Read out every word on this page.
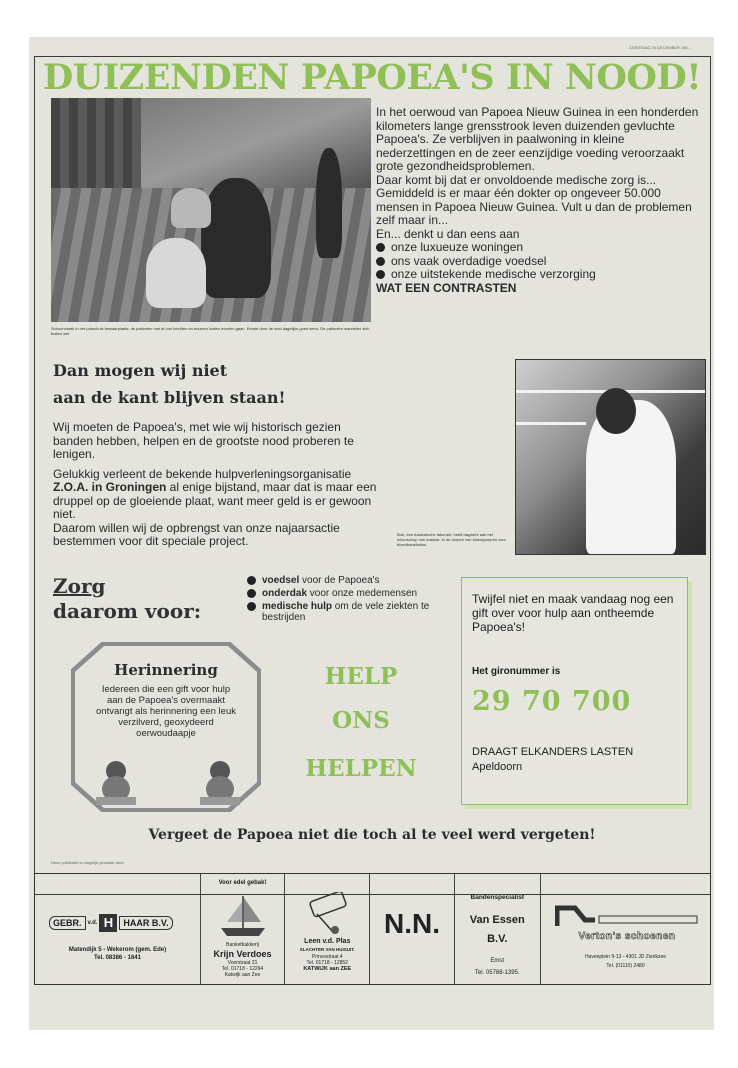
ZATERDAG 20 DECEMBER 198...
DUIZENDEN PAPOEA'S IN NOOD!
Schoonmaak in het palenhuis bewaarplaats: de pakketen met al hun bezitten en bouwen loaten moeten gaan. Eerste door de lood dagelijks goed werd. De patienten wandelen zich buiten wel.
In het oerwoud van Papoea Nieuw Guinea in een honderden kilometers lange grensstrook leven duizenden gevluchte Papoea's. Ze verblijven in paalwoning in kleine nederzettingen en de zeer eenzijdige voeding veroorzaakt grote gezondheidsproblemen.
Daar komt bij dat er onvoldoende medische zorg is...
Gemiddeld is er maar één dokter op ongeveer 50.000 mensen in Papoea Nieuw Guinea. Vult u dan de problemen zelf maar in...
En... denkt u dan eens aan
onze luxueuze woningen
ons vaak overdadige voedsel
onze uitstekende medische verzorging
WAT EEN CONTRASTEN
Dan mogen wij niet
aan de kant blijven staan!
Wij moeten de Papoea's, met wie wij historisch gezien banden hebben, helpen en de grootste nood proberen te lenigen.
Gelukkig verleent de bekende hulpverleningsorganisatie Z.O.A. in Groningen al enige bijstand, maar dat is maar een druppel op de gloeiende plaat, want meer geld is er gewoon niet.
Daarom willen wij de opbrengst van onze najaarsactie bestemmen voor dit speciale project.	Bob, een Australische laborant, heeft dagwerk aan het microscoop van malaria. In de dorpen van bloedgroepen voor bloedtransfusies.
Zorg
daarom voor:
voedsel voor de Papoea's
onderdak voor onze medemensen
medische hulp om de vele ziekten te bestrijden
Twijfel niet en maak vandaag nog een gift over voor hulp aan ontheemde Papoea's!
Het gironummer is
29 70 700
DRAAGT ELKANDERS LASTEN
Apeldoorn
Herinnering
Iedereen die een gift voor hulp aan de Papoea's overmaakt ontvangt als herinnering een leuk verzilverd, geoxydeerd oerwoudaapje
HELP
ONS
HELPEN
Vergeet de Papoea niet die toch al te veel werd vergeten!
Deze publikatie is mogelijk gemaakt door:
GEBR.	v.d. H	HAAR B.V.
Matendijk 5 - Wekerom (gem. Ede)
Tel. 08386 - 1641
Voor edel gebak!
Banketbakkerij
Krijn Verdoes
Voorstraat 21
Tel. 01718 - 12294
Katwijk aan Zee
Leen v.d. Plas
SLACHTER VAN HUISUIT.
Princestraat 4
Tel. 01718 - 12852
KATWIJK aan ZEE
N.N.
Bandenspecialist
Van Essen
B.V.
Emst
Tel. 05788-1395.
Verton's schoenen
Havenplein 9-13 - 4301 JD Zierikzee
Tel. (01110) 2480
